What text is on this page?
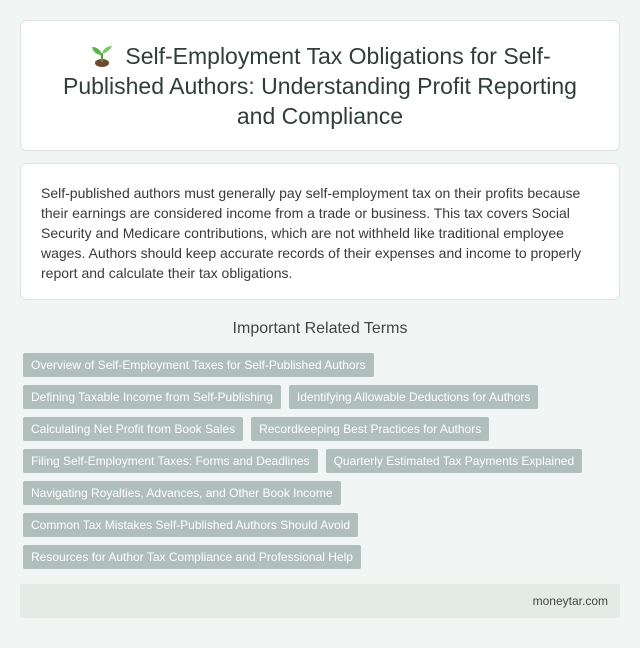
Self-Employment Tax Obligations for Self-Published Authors: Understanding Profit Reporting and Compliance

Self-published authors must generally pay self-employment tax on their profits because their earnings are considered income from a trade or business. This tax covers Social Security and Medicare contributions, which are not withheld like traditional employee wages. Authors should keep accurate records of their expenses and income to properly report and calculate their tax obligations.

Important Related Terms
Overview of Self-Employment Taxes for Self-Published Authors
Defining Taxable Income from Self-Publishing	Identifying Allowable Deductions for Authors
Calculating Net Profit from Book Sales	Recordkeeping Best Practices for Authors
Filing Self-Employment Taxes: Forms and Deadlines	Quarterly Estimated Tax Payments Explained
Navigating Royalties, Advances, and Other Book Income
Common Tax Mistakes Self-Published Authors Should Avoid
Resources for Author Tax Compliance and Professional Help
moneytar.com
